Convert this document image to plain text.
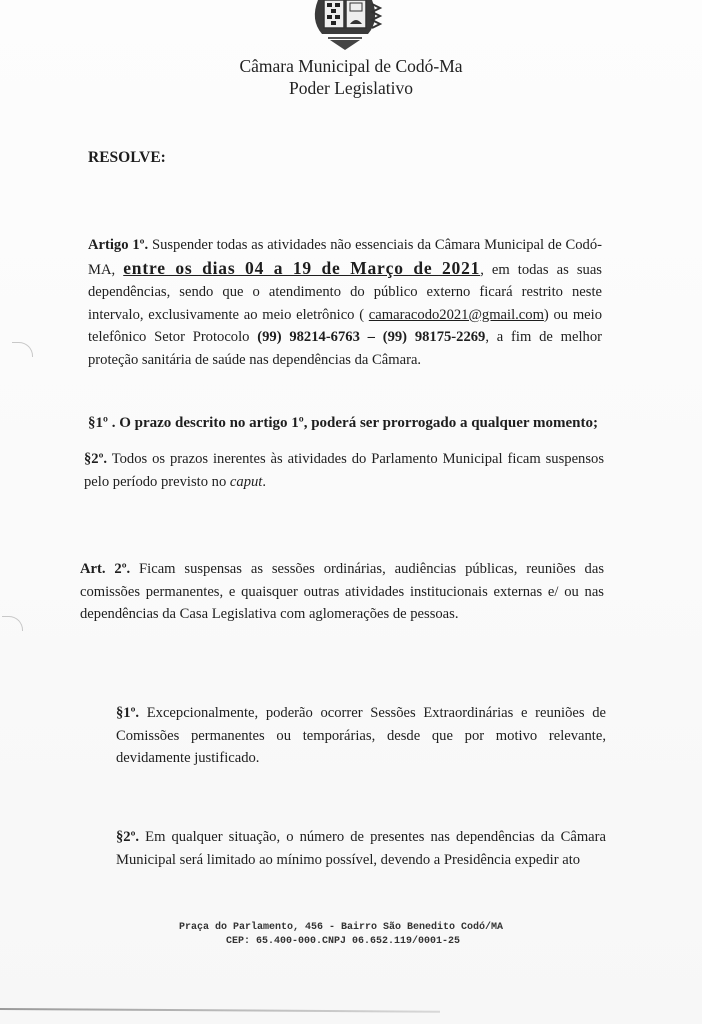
Câmara Municipal de Codó-Ma
Poder Legislativo
RESOLVE:
Artigo 1º. Suspender todas as atividades não essenciais da Câmara Municipal de Codó-MA, entre os dias 04 a 19 de Março de 2021, em todas as suas dependências, sendo que o atendimento do público externo ficará restrito neste intervalo, exclusivamente ao meio eletrônico ( camaracodo2021@gmail.com) ou meio telefônico Setor Protocolo (99) 98214-6763 – (99) 98175-2269, a fim de melhor proteção sanitária de saúde nas dependências da Câmara.
§1º . O prazo descrito no artigo 1º, poderá ser prorrogado a qualquer momento;
§2º. Todos os prazos inerentes às atividades do Parlamento Municipal ficam suspensos pelo período previsto no caput.
Art. 2º. Ficam suspensas as sessões ordinárias, audiências públicas, reuniões das comissões permanentes, e quaisquer outras atividades institucionais externas e/ ou nas dependências da Casa Legislativa com aglomerações de pessoas.
§1º. Excepcionalmente, poderão ocorrer Sessões Extraordinárias e reuniões de Comissões permanentes ou temporárias, desde que por motivo relevante, devidamente justificado.
§2º. Em qualquer situação, o número de presentes nas dependências da Câmara Municipal será limitado ao mínimo possível, devendo a Presidência expedir ato
Praça do Parlamento, 456 - Bairro São Benedito Codó/MA
CEP: 65.400-000.CNPJ 06.652.119/0001-25
